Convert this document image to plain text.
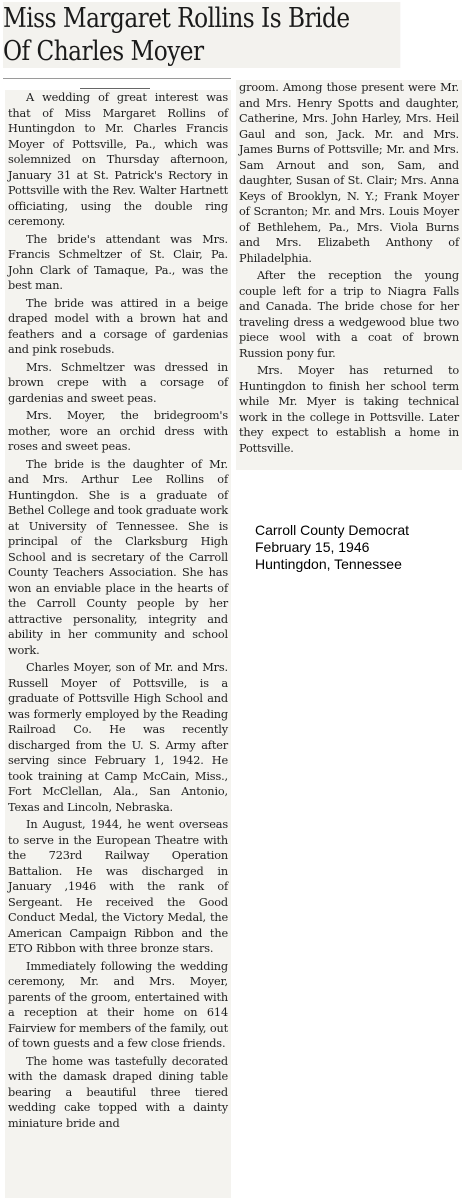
Miss Margaret Rollins Is Bride
Of Charles Moyer

A wedding of great interest was that of Miss Margaret Rollins of Huntingdon to Mr. Charles Francis Moyer of Pottsville, Pa., which was solemnized on Thursday afternoon, January 31 at St. Patrick's Rectory in Pottsville with the Rev. Walter Hartnett officiating, using the double ring ceremony.

The bride's attendant was Mrs. Francis Schmeltzer of St. Clair, Pa. John Clark of Tamaque, Pa., was the best man.

The bride was attired in a beige draped model with a brown hat and feathers and a corsage of gardenias and pink rosebuds.

Mrs. Schmeltzer was dressed in brown crepe with a corsage of gardenias and sweet peas.

Mrs. Moyer, the bridegroom's mother, wore an orchid dress with roses and sweet peas.

The bride is the daughter of Mr. and Mrs. Arthur Lee Rollins of Huntingdon. She is a graduate of Bethel College and took graduate work at University of Tennessee. She is principal of the Clarksburg High School and is secretary of the Carroll County Teachers Association. She has won an enviable place in the hearts of the Carroll County people by her attractive personality, integrity and ability in her community and school work.

Charles Moyer, son of Mr. and Mrs. Russell Moyer of Pottsville, is a graduate of Pottsville High School and was formerly employed by the Reading Railroad Co. He was recently discharged from the U. S. Army after serving since February 1, 1942. He took training at Camp McCain, Miss., Fort McClellan, Ala., San Antonio, Texas and Lincoln, Nebraska.

In August, 1944, he went overseas to serve in the European Theatre with the 723rd Railway Operation Battalion. He was discharged in January ,1946 with the rank of Sergeant. He received the Good Conduct Medal, the Victory Medal, the American Campaign Ribbon and the ETO Ribbon with three bronze stars.

Immediately following the wedding ceremony, Mr. and Mrs. Moyer, parents of the groom, entertained with a reception at their home on 614 Fairview for members of the family, out of town guests and a few close friends.

The home was tastefully decorated with the damask draped dining table bearing a beautiful three tiered wedding cake topped with a dainty miniature bride and

groom. Among those present were Mr. and Mrs. Henry Spotts and daughter, Catherine, Mrs. John Harley, Mrs. Heil Gaul and son, Jack. Mr. and Mrs. James Burns of Pottsville; Mr. and Mrs. Sam Arnout and son, Sam, and daughter, Susan of St. Clair; Mrs. Anna Keys of Brooklyn, N. Y.; Frank Moyer of Scranton; Mr. and Mrs. Louis Moyer of Bethlehem, Pa., Mrs. Viola Burns and Mrs. Elizabeth Anthony of Philadelphia.

After the reception the young couple left for a trip to Niagra Falls and Canada. The bride chose for her traveling dress a wedgewood blue two piece wool with a coat of brown Russion pony fur.

Mrs. Moyer has returned to Huntingdon to finish her school term while Mr. Myer is taking technical work in the college in Pottsville. Later they expect to establish a home in Pottsville.

Carroll County Democrat
February 15, 1946
Huntingdon, Tennessee
